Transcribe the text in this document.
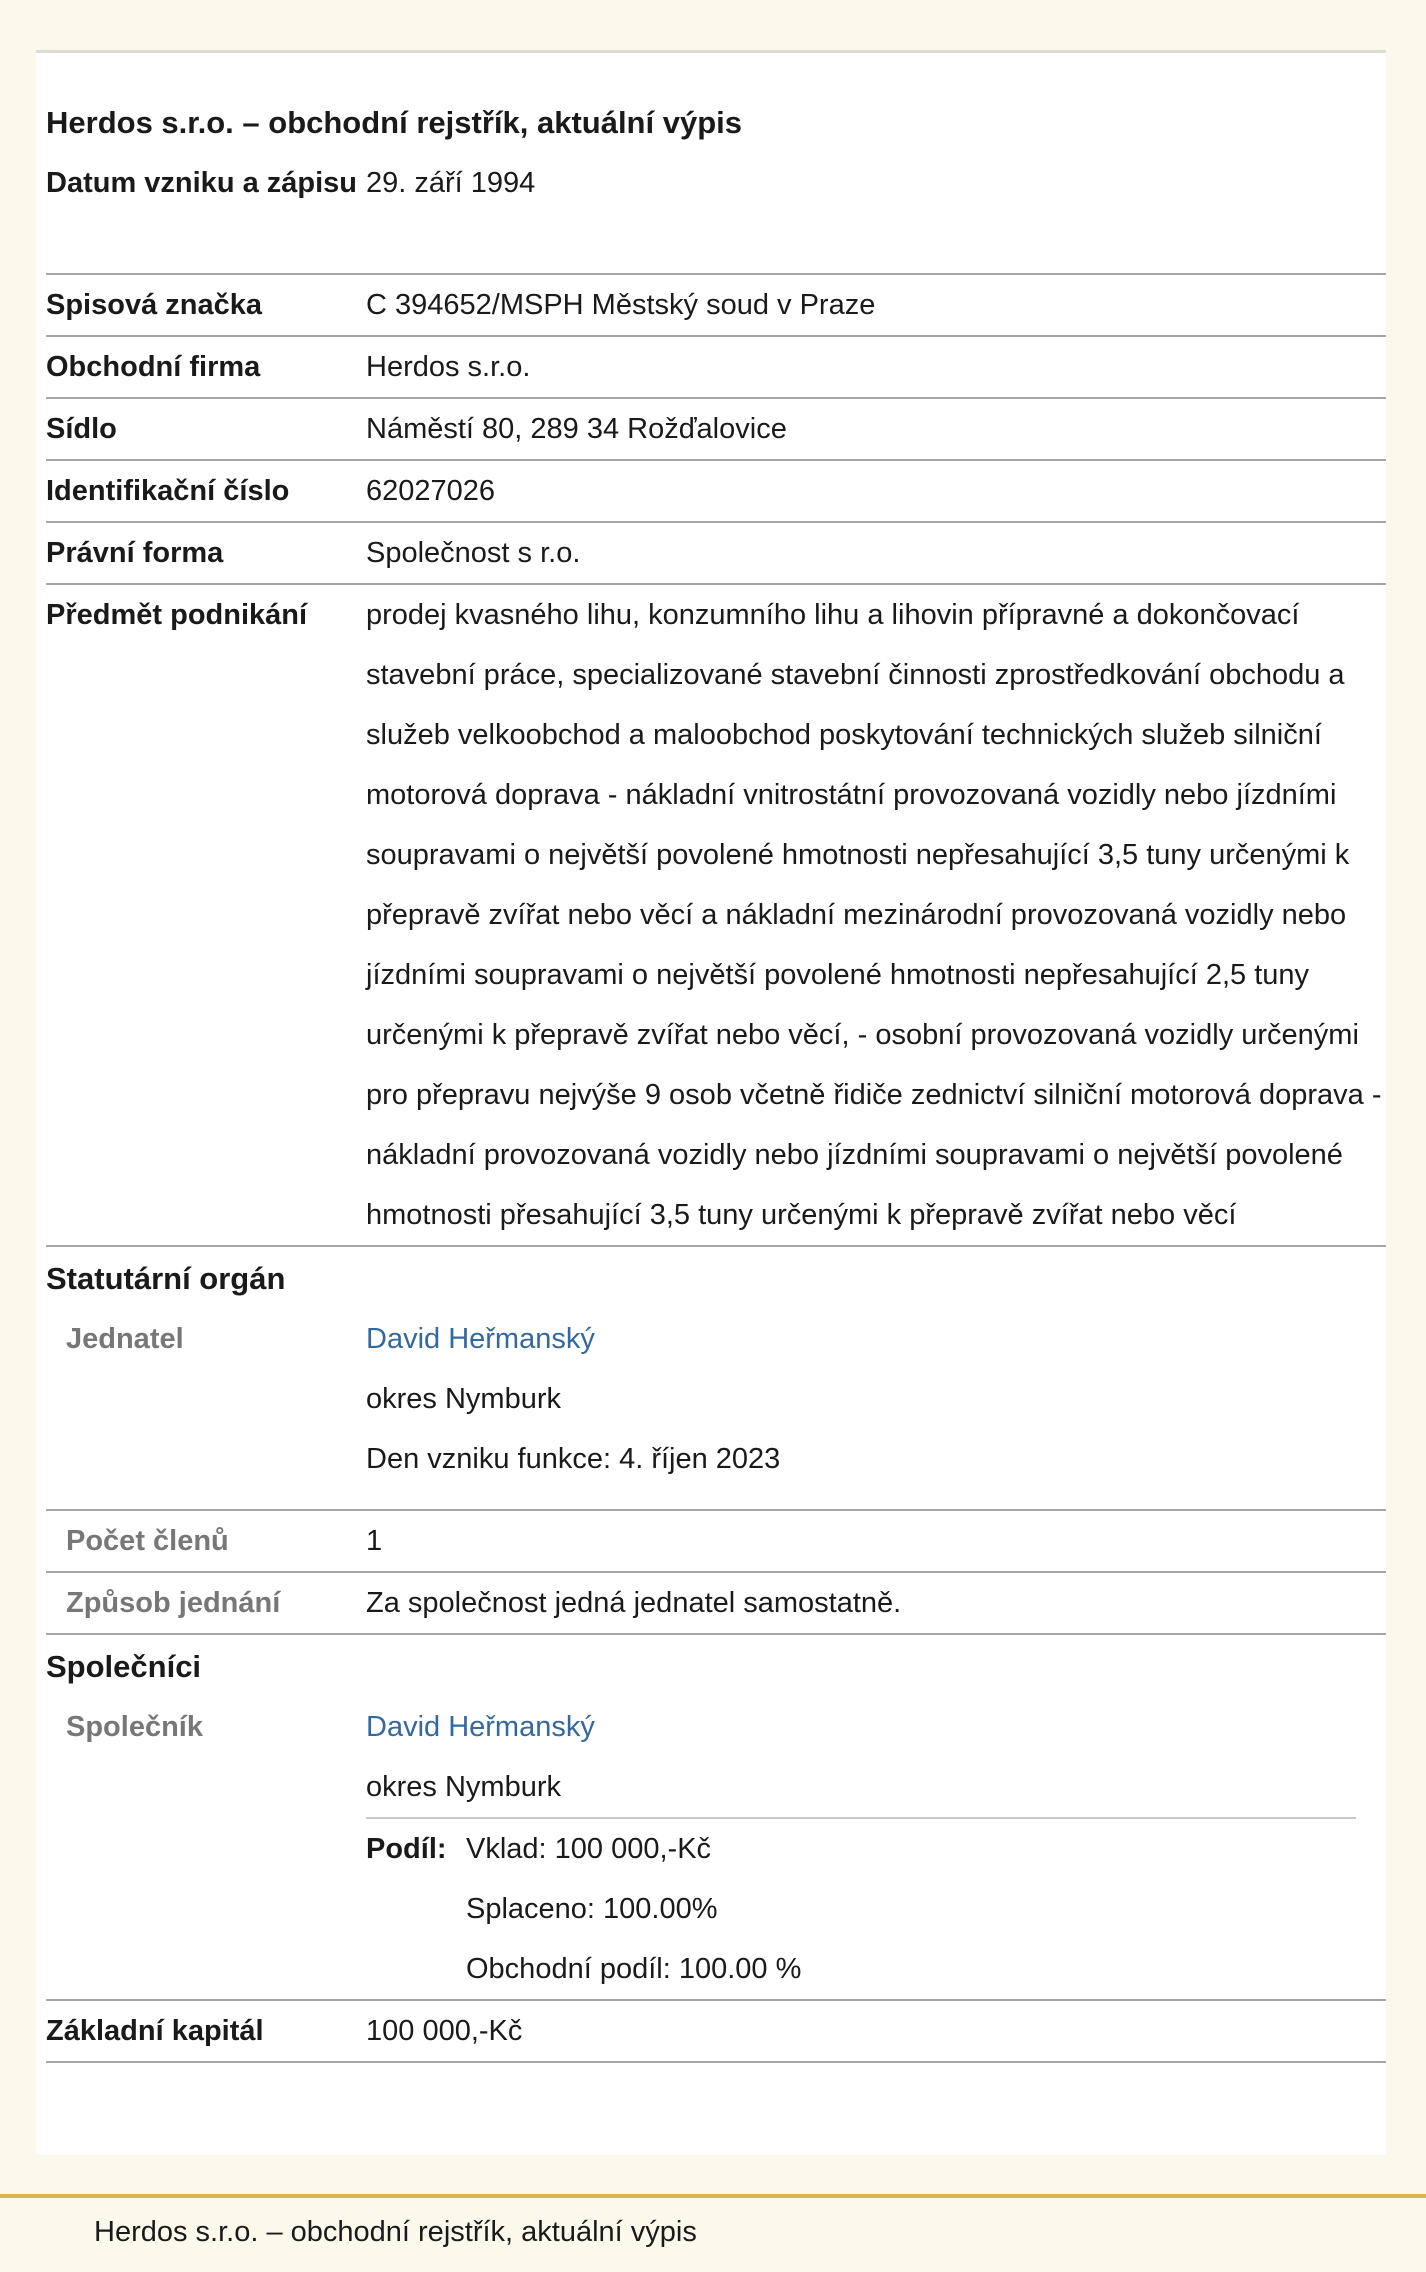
Herdos s.r.o. – obchodní rejstřík, aktuální výpis
Datum vzniku a zápisu 29. září 1994
Spisová značka	C 394652/MSPH Městský soud v Praze
Obchodní firma	Herdos s.r.o.
Sídlo	Náměstí 80, 289 34 Rožďalovice
Identifikační číslo	62027026
Právní forma	Společnost s r.o.
Předmět podnikání	prodej kvasného lihu, konzumního lihu a lihovin přípravné a dokončovací stavební práce, specializované stavební činnosti zprostředkování obchodu a služeb velkoobchod a maloobchod poskytování technických služeb silniční motorová doprava - nákladní vnitrostátní provozovaná vozidly nebo jízdními soupravami o největší povolené hmotnosti nepřesahující 3,5 tuny určenými k přepravě zvířat nebo věcí a nákladní mezinárodní provozovaná vozidly nebo jízdními soupravami o největší povolené hmotnosti nepřesahující 2,5 tuny určenými k přepravě zvířat nebo věcí, - osobní provozovaná vozidly určenými pro přepravu nejvýše 9 osob včetně řidiče zednictví silniční motorová doprava - nákladní provozovaná vozidly nebo jízdními soupravami o největší povolené hmotnosti přesahující 3,5 tuny určenými k přepravě zvířat nebo věcí
Statutární orgán
Jednatel	David Heřmanský
okres Nymburk
Den vzniku funkce: 4. říjen 2023
Počet členů	1
Způsob jednání	Za společnost jedná jednatel samostatně.
Společníci
Společník	David Heřmanský
okres Nymburk
Podíl: Vklad: 100 000,-Kč
Splaceno: 100.00%
Obchodní podíl: 100.00 %
Základní kapitál	100 000,-Kč
Herdos s.r.o. – obchodní rejstřík, aktuální výpis
